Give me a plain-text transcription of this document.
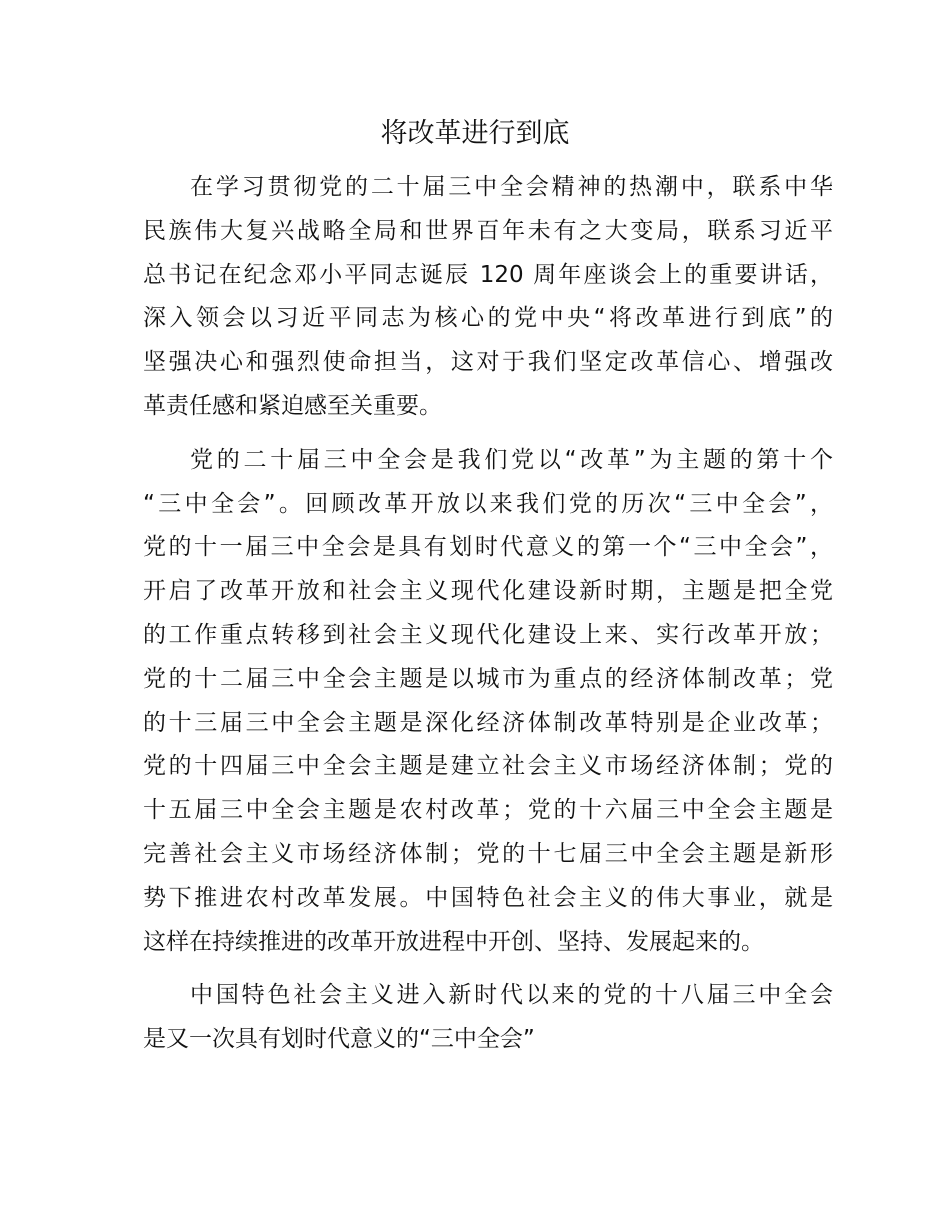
将改革进行到底
在学习贯彻党的二十届三中全会精神的热潮中，联系中华
民族伟大复兴战略全局和世界百年未有之大变局，联系习近平
总书记在纪念邓小平同志诞辰 120 周年座谈会上的重要讲话，
深入领会以习近平同志为核心的党中央“将改革进行到底”的
坚强决心和强烈使命担当，这对于我们坚定改革信心、增强改
革责任感和紧迫感至关重要。
党的二十届三中全会是我们党以“改革”为主题的第十个
“三中全会”。回顾改革开放以来我们党的历次“三中全会”，
党的十一届三中全会是具有划时代意义的第一个“三中全会”，
开启了改革开放和社会主义现代化建设新时期，主题是把全党
的工作重点转移到社会主义现代化建设上来、实行改革开放；
党的十二届三中全会主题是以城市为重点的经济体制改革；党
的十三届三中全会主题是深化经济体制改革特别是企业改革；
党的十四届三中全会主题是建立社会主义市场经济体制；党的
十五届三中全会主题是农村改革；党的十六届三中全会主题是
完善社会主义市场经济体制；党的十七届三中全会主题是新形
势下推进农村改革发展。中国特色社会主义的伟大事业，就是
这样在持续推进的改革开放进程中开创、坚持、发展起来的。
中国特色社会主义进入新时代以来的党的十八届三中全会
是又一次具有划时代意义的“三中全会”
